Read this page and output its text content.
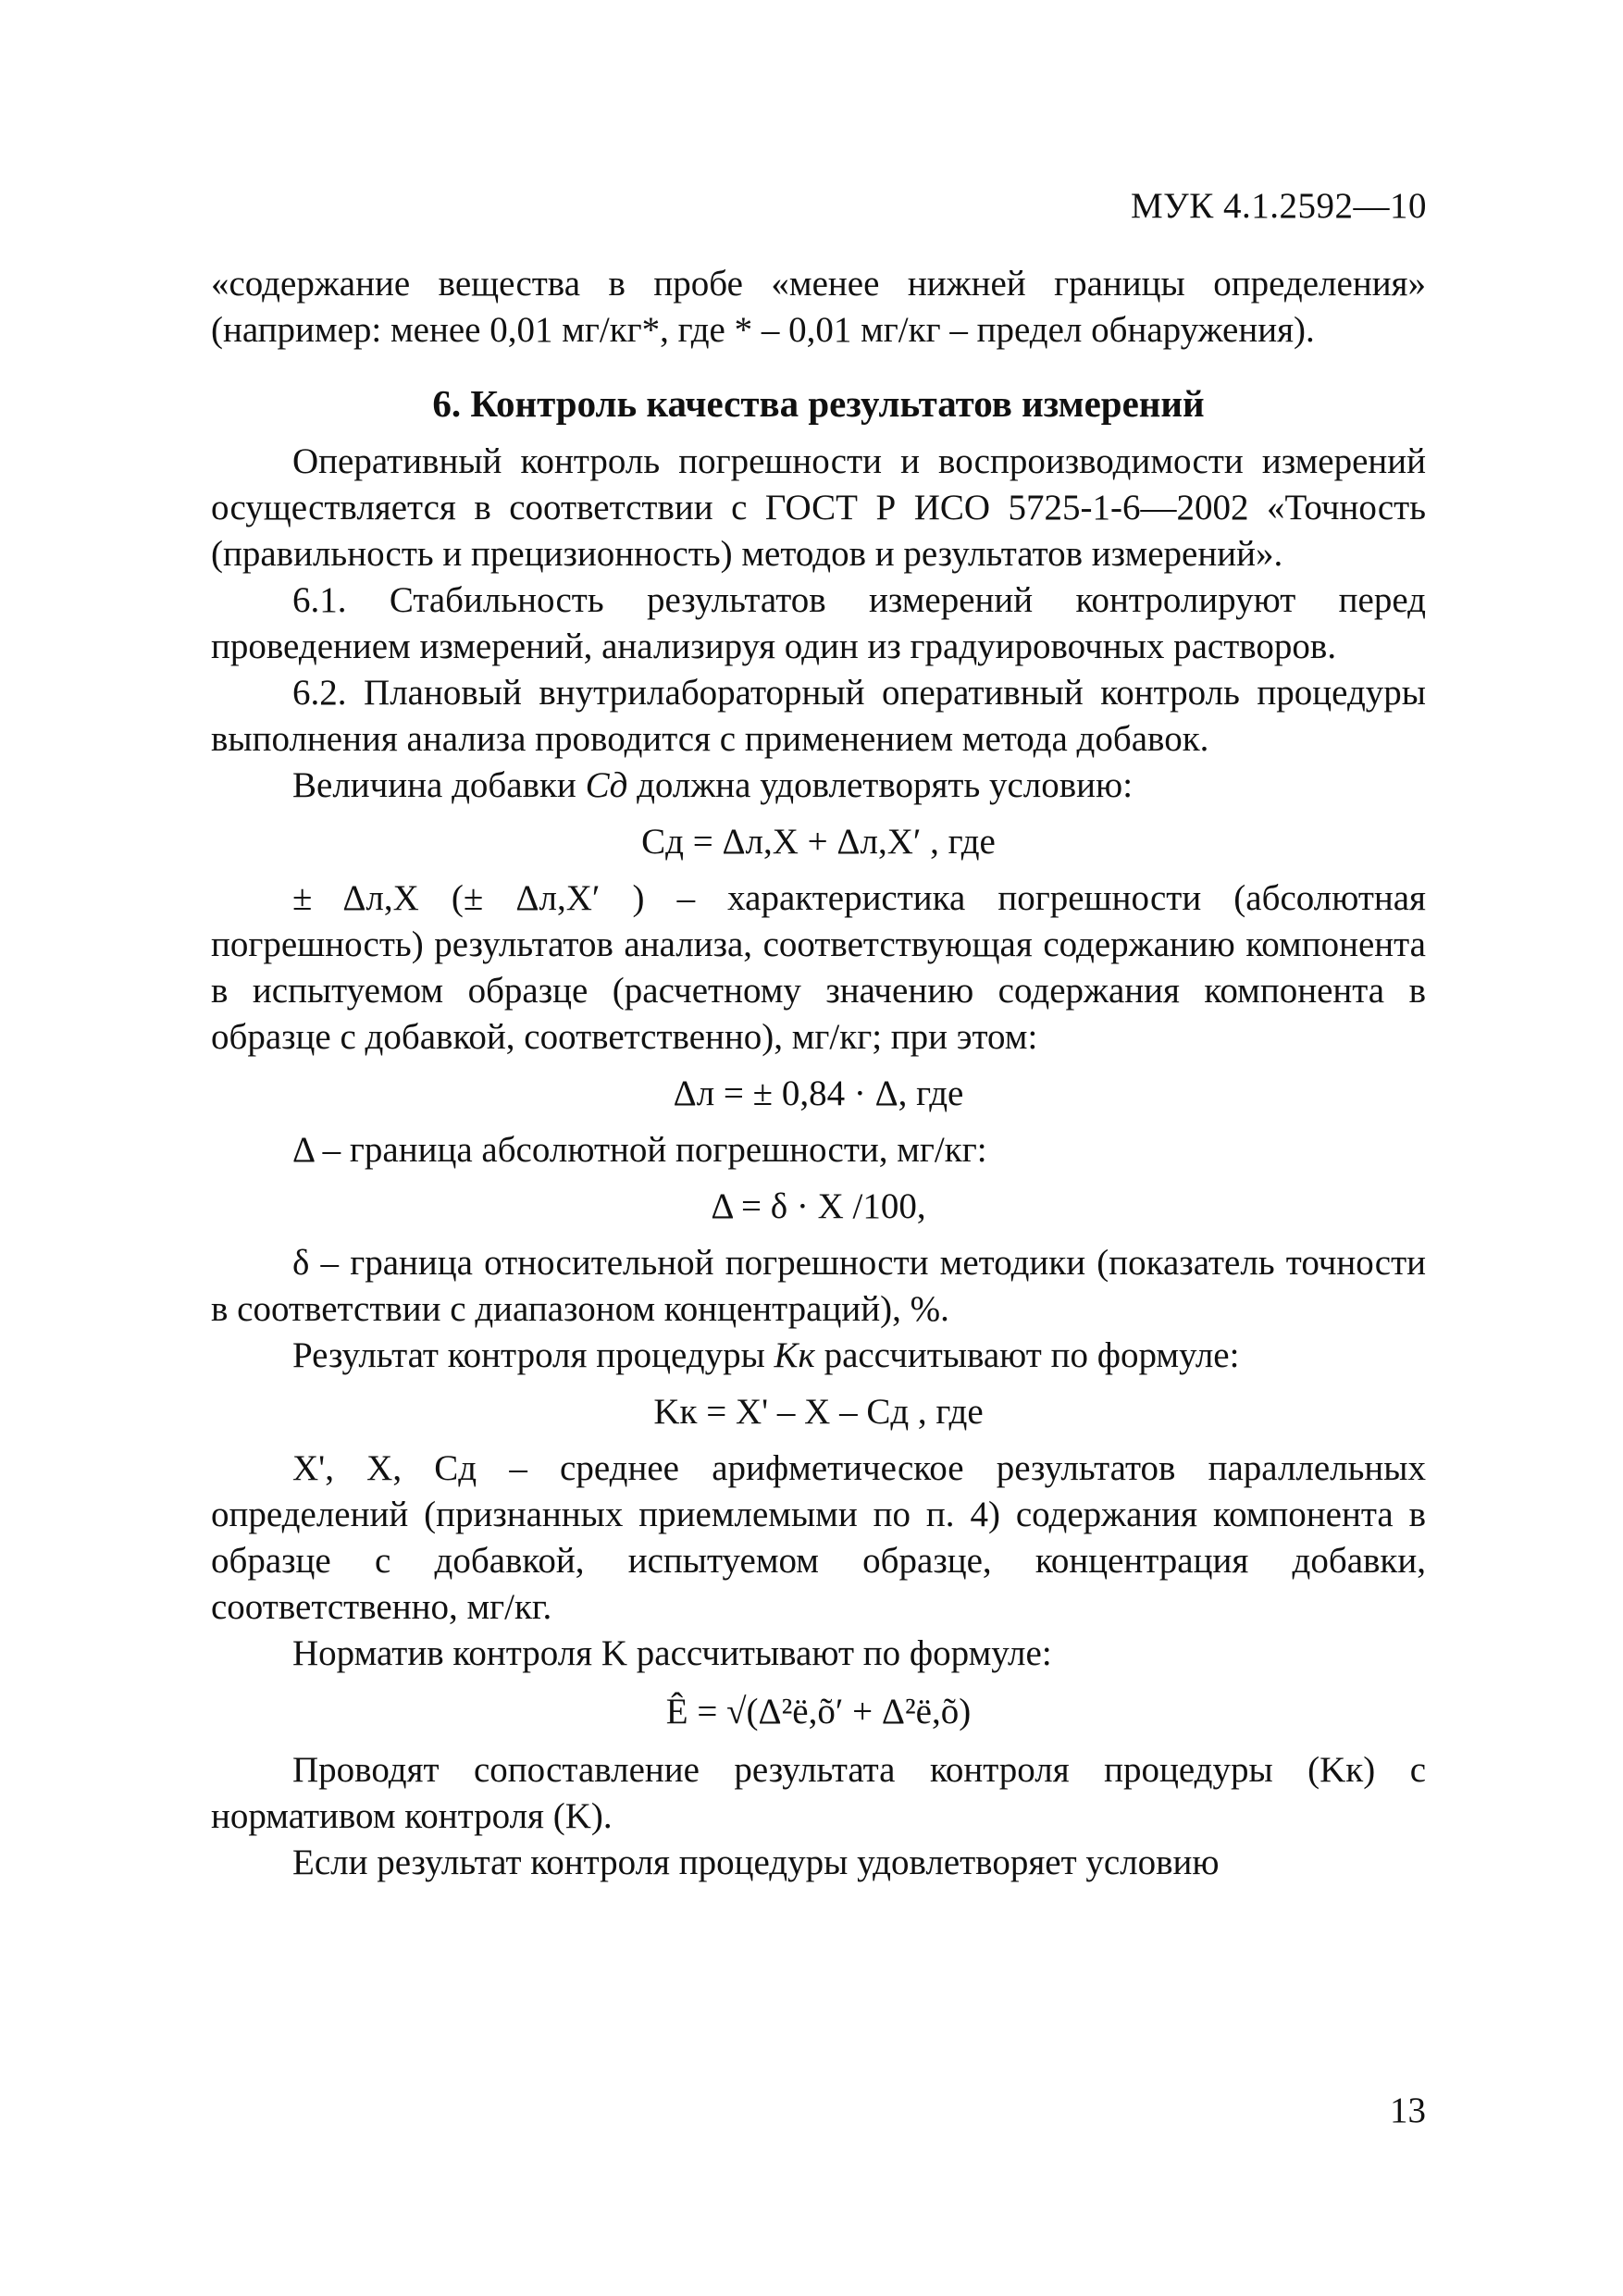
МУК 4.1.2592—10

«содержание вещества в пробе «менее нижней границы определения» (например: менее 0,01 мг/кг*, где * – 0,01 мг/кг – предел обнаружения).

6. Контроль качества результатов измерений

Оперативный контроль погрешности и воспроизводимости измерений осуществляется в соответствии с ГОСТ Р ИСО 5725-1-6—2002 «Точность (правильность и прецизионность) методов и результатов измерений».

6.1. Стабильность результатов измерений контролируют перед проведением измерений, анализируя один из градуировочных растворов.

6.2. Плановый внутрилабораторный оперативный контроль процедуры выполнения анализа проводится с применением метода добавок.

Величина добавки Cд должна удовлетворять условию:

Cд = Δл,X + Δл,X′ , где

± Δл,X (± Δл,X′ ) – характеристика погрешности (абсолютная погрешность) результатов анализа, соответствующая содержанию компонента в испытуемом образце (расчетному значению содержания компонента в образце с добавкой, соответственно), мг/кг; при этом:

Δл = ± 0,84 · Δ, где

Δ – граница абсолютной погрешности, мг/кг:

Δ = δ · X /100,

δ – граница относительной погрешности методики (показатель точности в соответствии с диапазоном концентраций), %.

Результат контроля процедуры Kк рассчитывают по формуле:

Kк = X' – X – Cд , где

X', X, Cд – среднее арифметическое результатов параллельных определений (признанных приемлемыми по п. 4) содержания компонента в образце с добавкой, испытуемом образце, концентрация добавки, соответственно, мг/кг.

Норматив контроля K рассчитывают по формуле:

Ê = √(Δ²ё,õ′ + Δ²ё,õ)

Проводят сопоставление результата контроля процедуры (Kк) с нормативом контроля (K).

Если результат контроля процедуры удовлетворяет условию

13
